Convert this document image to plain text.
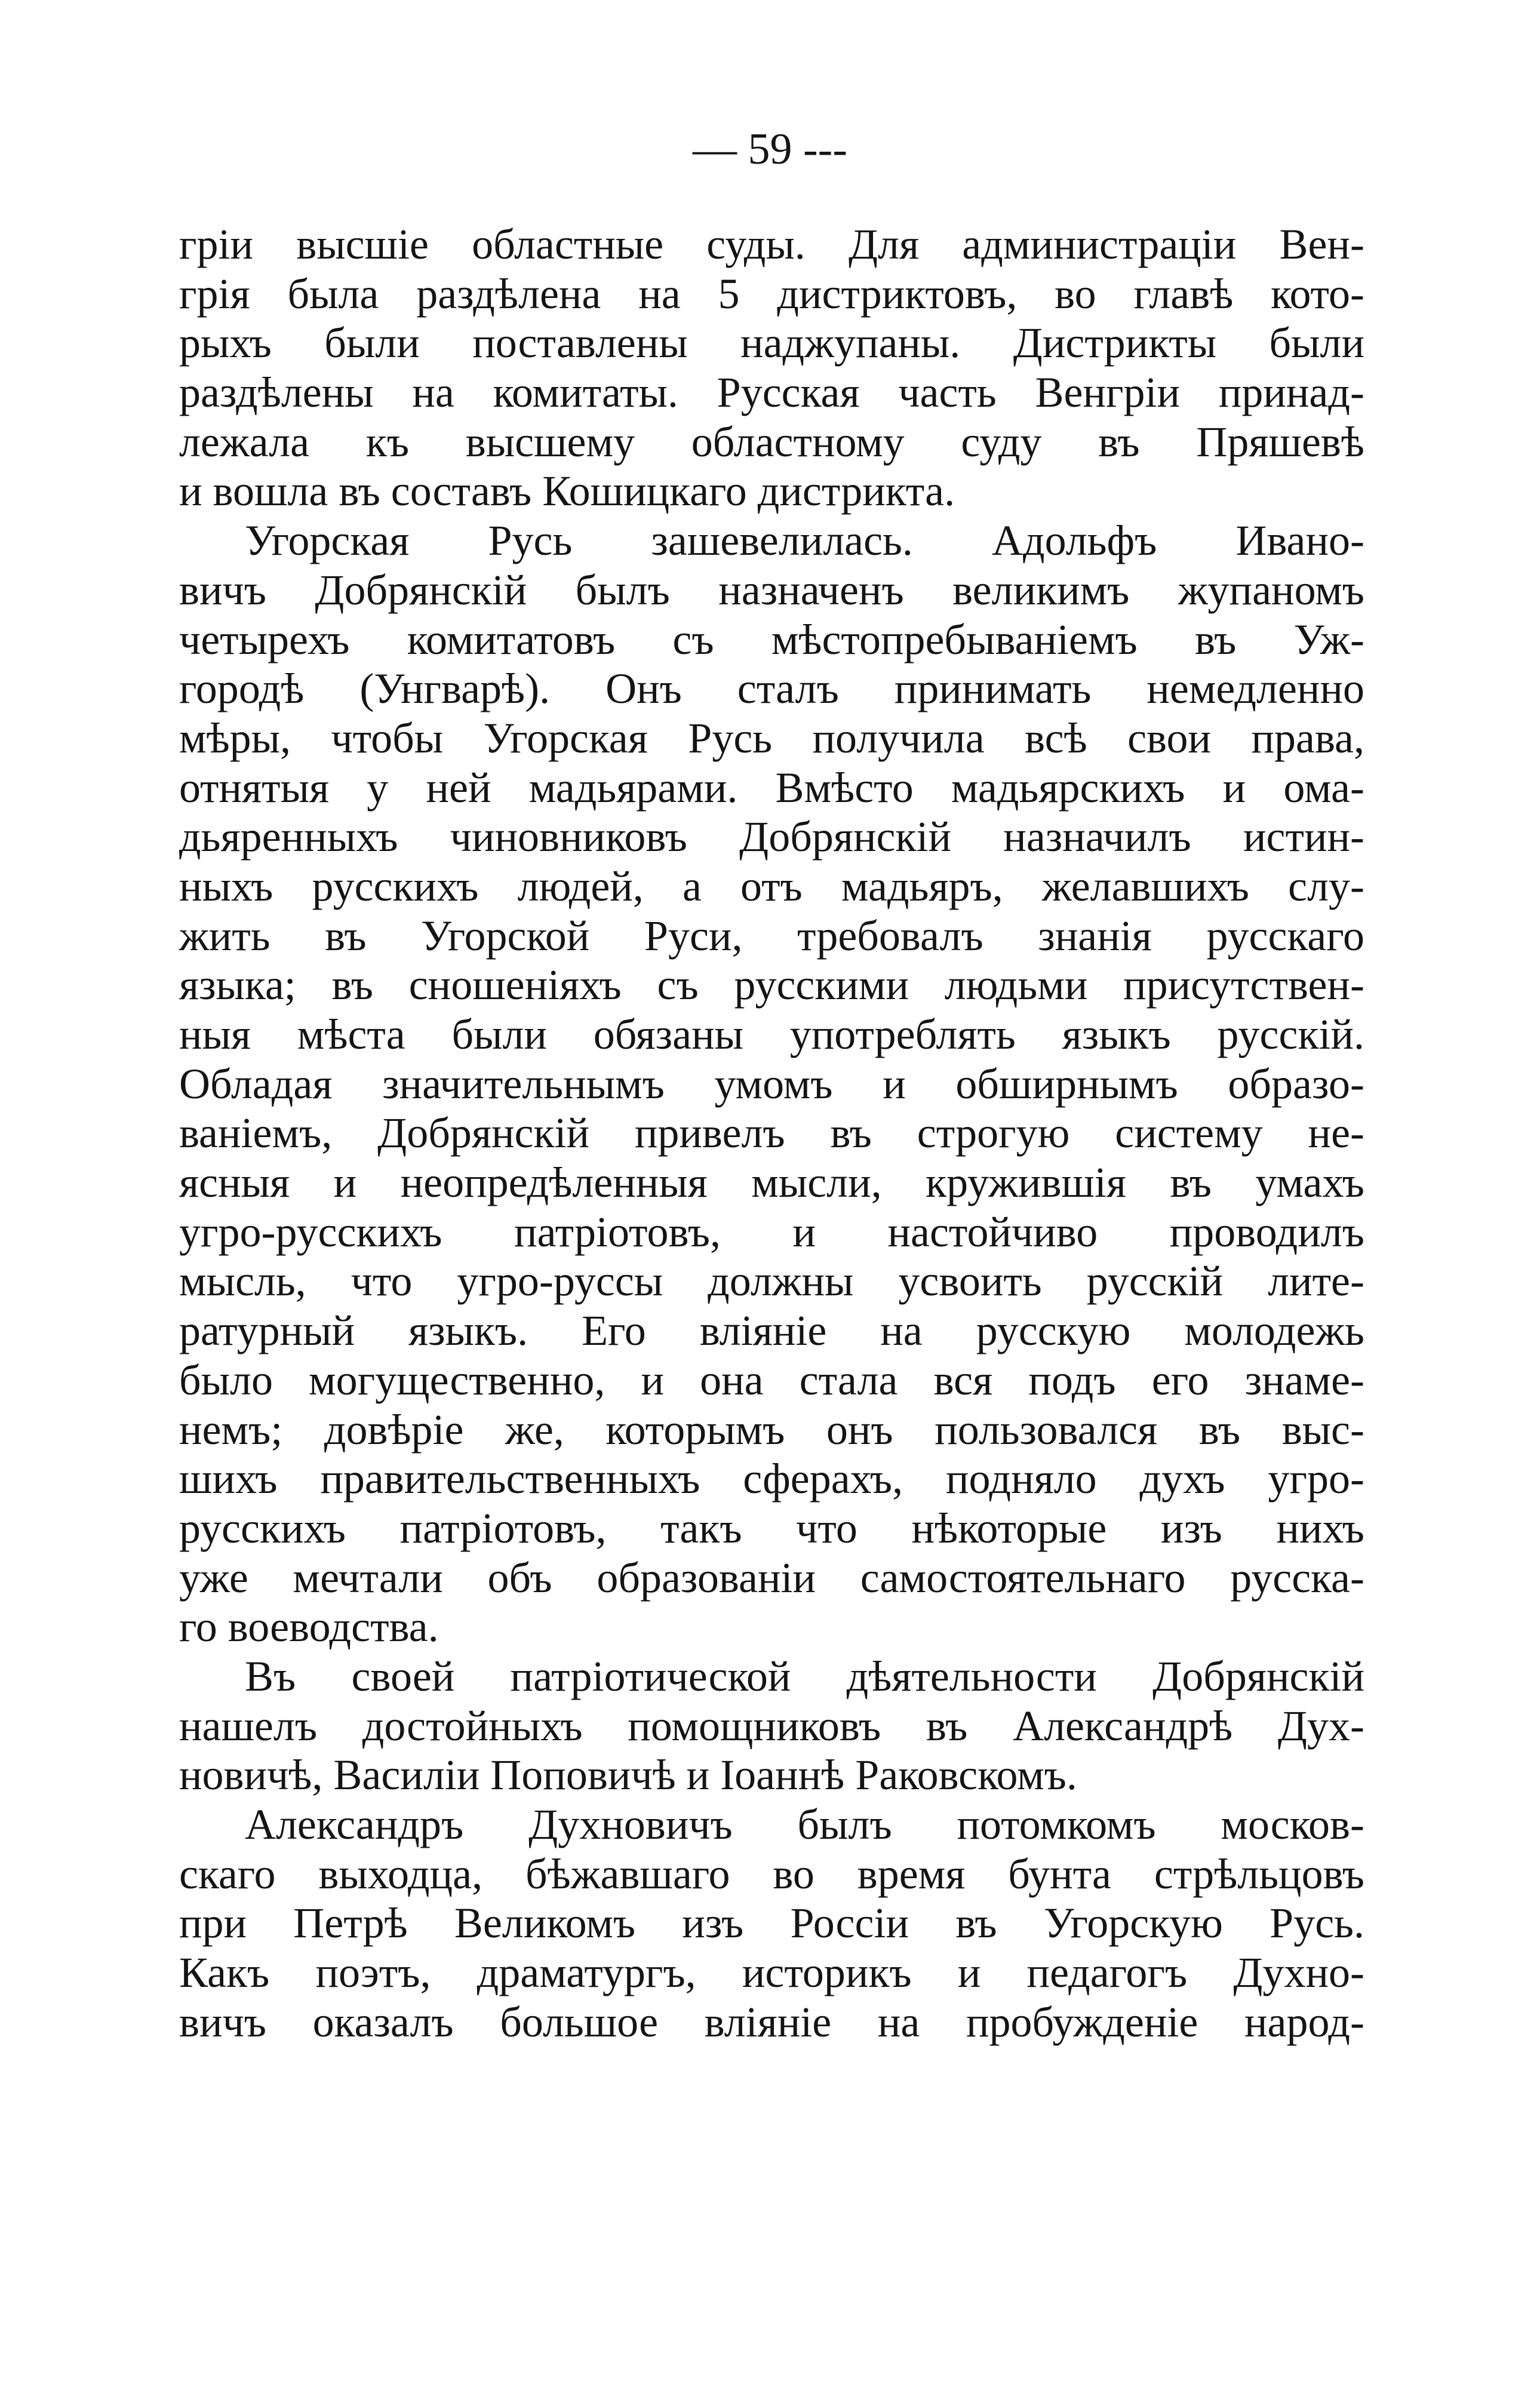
— 59 ---
гріи высшіе областные суды. Для администраціи Вен-
грія была раздѣлена на 5 дистриктовъ, во главѣ кото-
рыхъ были поставлены наджупаны. Дистрикты были
раздѣлены на комитаты. Русская часть Венгріи принад-
лежала къ высшему областному суду въ Пряшевѣ
и вошла въ составъ Кошицкаго дистрикта.
Угорская Русь зашевелилась. Адольфъ Ивано-
вичъ Добрянскій былъ назначенъ великимъ жупаномъ
четырехъ комитатовъ съ мѣстопребываніемъ въ Уж-
городѣ (Унгварѣ). Онъ сталъ принимать немедленно
мѣры, чтобы Угорская Русь получила всѣ свои права,
отнятыя у ней мадьярами. Вмѣсто мадьярскихъ и ома-
дьяренныхъ чиновниковъ Добрянскій назначилъ истин-
ныхъ русскихъ людей, а отъ мадьяръ, желавшихъ слу-
жить въ Угорской Руси, требовалъ знанія русскаго
языка; въ сношеніяхъ съ русскими людьми присутствен-
ныя мѣста были обязаны употреблять языкъ русскій.
Обладая значительнымъ умомъ и обширнымъ образо-
ваніемъ, Добрянскій привелъ въ строгую систему не-
ясныя и неопредѣленныя мысли, кружившія въ умахъ
угро-русскихъ патріотовъ, и настойчиво проводилъ
мысль, что угро-руссы должны усвоить русскій лите-
ратурный языкъ. Его вліяніе на русскую молодежь
было могущественно, и она стала вся подъ его знаме-
немъ; довѣріе же, которымъ онъ пользовался въ выс-
шихъ правительственныхъ сферахъ, подняло духъ угро-
русскихъ патріотовъ, такъ что нѣкоторые изъ нихъ
уже мечтали объ образованіи самостоятельнаго русска-
го воеводства.
Въ своей патріотической дѣятельности Добрянскій
нашелъ достойныхъ помощниковъ въ Александрѣ Дух-
новичѣ, Василіи Поповичѣ и Іоаннѣ Раковскомъ.
Александръ Духновичъ былъ потомкомъ москов-
скаго выходца, бѣжавшаго во время бунта стрѣльцовъ
при Петрѣ Великомъ изъ Россіи въ Угорскую Русь.
Какъ поэтъ, драматургъ, историкъ и педагогъ Духно-
вичъ оказалъ большое вліяніе на пробужденіе народ-
